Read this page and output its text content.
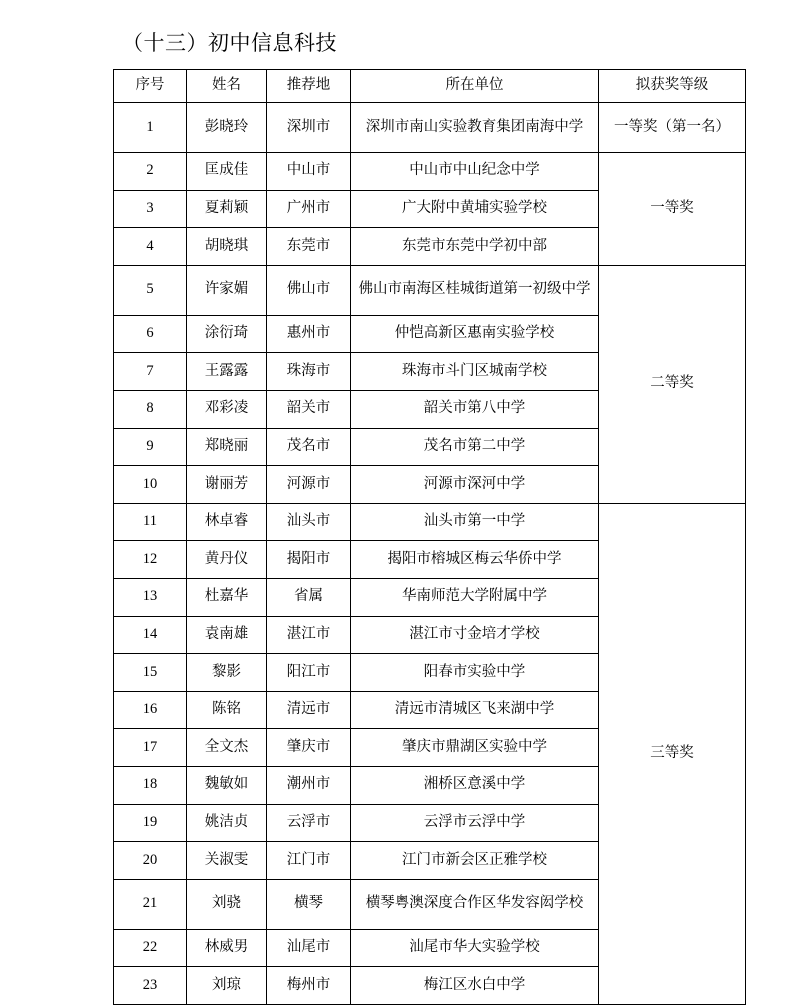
（十三）初中信息科技
序号	姓名	推荐地	所在单位	拟获奖等级
1	彭晓玲	深圳市	深圳市南山实验教育集团南海中学	一等奖（第一名）
2	匡成佳	中山市	中山市中山纪念中学	一等奖
3	夏莉颖	广州市	广大附中黄埔实验学校	
4	胡晓琪	东莞市	东莞市东莞中学初中部	
5	许家媚	佛山市	佛山市南海区桂城街道第一初级中学	二等奖
6	涂衍琦	惠州市	仲恺高新区惠南实验学校	
7	王露露	珠海市	珠海市斗门区城南学校	
8	邓彩凌	韶关市	韶关市第八中学	
9	郑晓丽	茂名市	茂名市第二中学	
10	谢丽芳	河源市	河源市深河中学	
11	林卓睿	汕头市	汕头市第一中学	三等奖
12	黄丹仪	揭阳市	揭阳市榕城区梅云华侨中学	
13	杜嘉华	省属	华南师范大学附属中学	
14	袁南雄	湛江市	湛江市寸金培才学校	
15	黎影	阳江市	阳春市实验中学	
16	陈铭	清远市	清远市清城区飞来湖中学	
17	全文杰	肇庆市	肇庆市鼎湖区实验中学	
18	魏敏如	潮州市	湘桥区意溪中学	
19	姚洁贞	云浮市	云浮市云浮中学	
20	关淑雯	江门市	江门市新会区正雅学校	
21	刘骁	横琴	横琴粤澳深度合作区华发容闳学校	
22	林威男	汕尾市	汕尾市华大实验学校	
23	刘琼	梅州市	梅江区水白中学	
